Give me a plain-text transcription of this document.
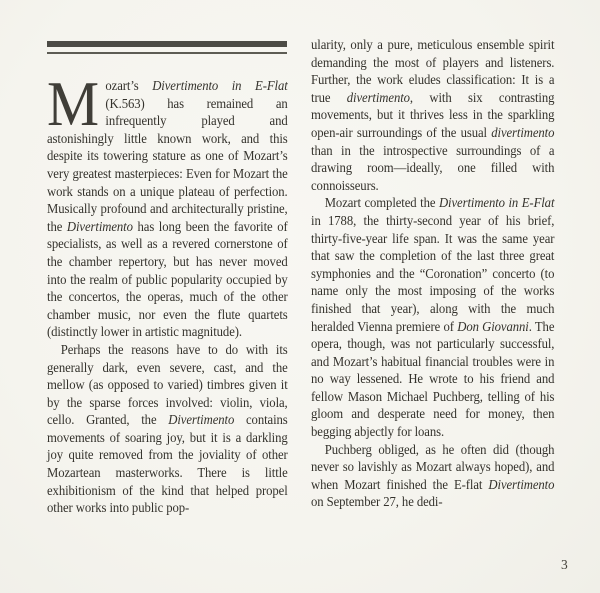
Mozart’s Divertimento in E-Flat (K.563) has remained an infrequently played and astonishingly little known work, and this despite its towering stature as one of Mozart’s very greatest masterpieces: Even for Mozart the work stands on a unique plateau of perfection. Musically profound and architecturally pristine, the Divertimento has long been the favorite of specialists, as well as a revered cornerstone of the chamber repertory, but has never moved into the realm of public popularity occupied by the concertos, the operas, much of the other chamber music, nor even the flute quartets (distinctly lower in artistic magnitude).

Perhaps the reasons have to do with its generally dark, even severe, cast, and the mellow (as opposed to varied) timbres given it by the sparse forces involved: violin, viola, cello. Granted, the Divertimento contains movements of soaring joy, but it is a darkling joy quite removed from the joviality of other Mozartean masterworks. There is little exhibitionism of the kind that helped propel other works into public pop-

ularity, only a pure, meticulous ensemble spirit demanding the most of players and listeners. Further, the work eludes classification: It is a true divertimento, with six contrasting movements, but it thrives less in the sparkling open-air surroundings of the usual divertimento than in the introspective surroundings of a drawing room—ideally, one filled with connoisseurs.

Mozart completed the Divertimento in E-Flat in 1788, the thirty-second year of his brief, thirty-five-year life span. It was the same year that saw the completion of the last three great symphonies and the “Coronation” concerto (to name only the most imposing of the works finished that year), along with the much heralded Vienna premiere of Don Giovanni. The opera, though, was not particularly successful, and Mozart’s habitual financial troubles were in no way lessened. He wrote to his friend and fellow Mason Michael Puchberg, telling of his gloom and desperate need for money, then begging abjectly for loans.

Puchberg obliged, as he often did (though never so lavishly as Mozart always hoped), and when Mozart finished the E-flat Divertimento on September 27, he dedi-

3
